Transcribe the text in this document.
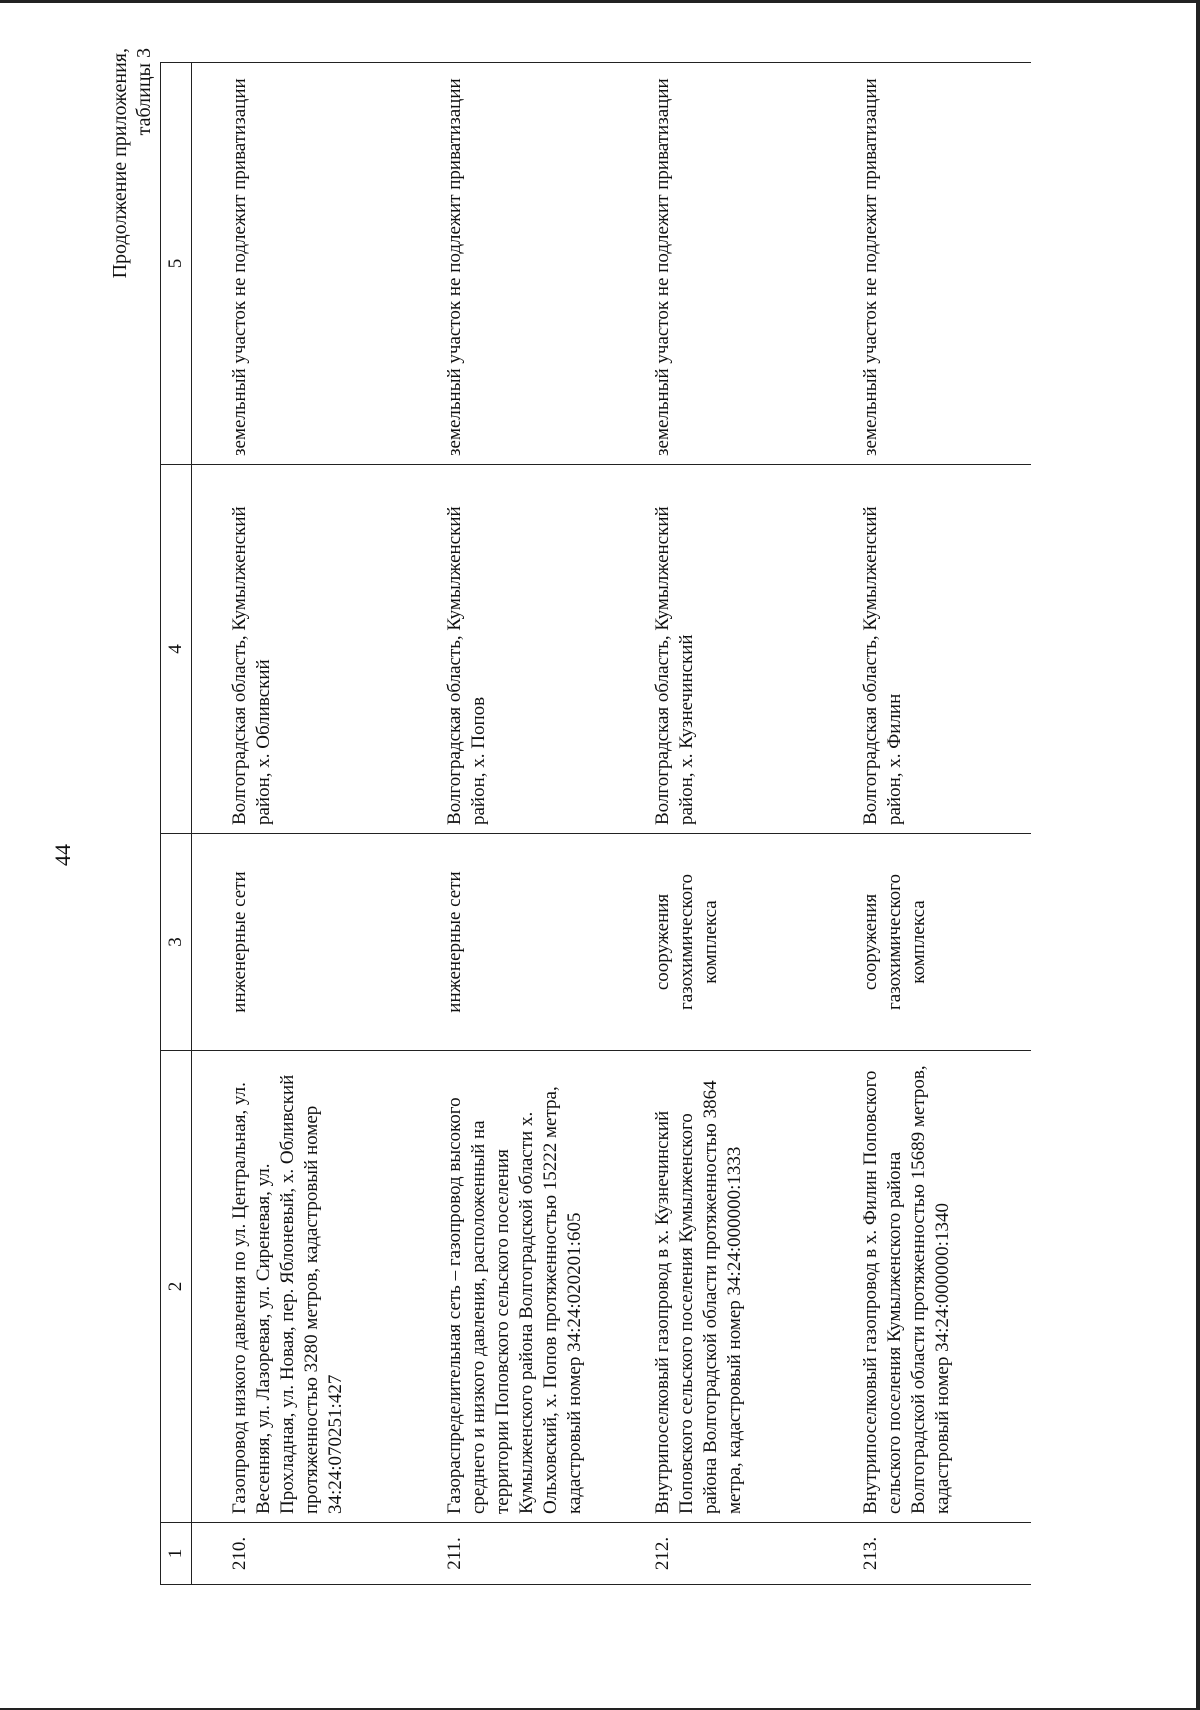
44
Продолжение приложения, таблицы 3
1	2	3	4	5
210.	Газопровод низкого давления по ул. Центральная, ул. Весенняя, ул. Лазоревая, ул. Сиреневая, ул. Прохладная, ул. Новая, пер. Яблоневый, х. Обливский протяженностью 3280 метров, кадастровый номер 34:24:070251:427	инженерные сети	Волгоградская область, Кумылженский район, х. Обливский	земельный участок не подлежит приватизации
211.	Газораспределительная сеть – газопровод высокого среднего и низкого давления, расположенный на территории Поповского сельского поселения Кумылженского района Волгоградской области х. Ольховский, х. Попов протяженностью 15222 метра, кадастровый номер 34:24:020201:605	инженерные сети	Волгоградская область, Кумылженский район, х. Попов	земельный участок не подлежит приватизации
212.	Внутрипоселковый газопровод в х. Кузнечинский Поповского сельского поселения Кумылженского района Волгоградской области протяженностью 3864 метра, кадастровый номер 34:24:000000:1333	сооружения газохимического комплекса	Волгоградская область, Кумылженский район, х. Кузнечинский	земельный участок не подлежит приватизации
213.	Внутрипоселковый газопровод в х. Филин Поповского сельского поселения Кумылженского района Волгоградской области протяженностью 15689 метров, кадастровый номер 34:24:000000:1340	сооружения газохимического комплекса	Волгоградская область, Кумылженский район, х. Филин	земельный участок не подлежит приватизации
